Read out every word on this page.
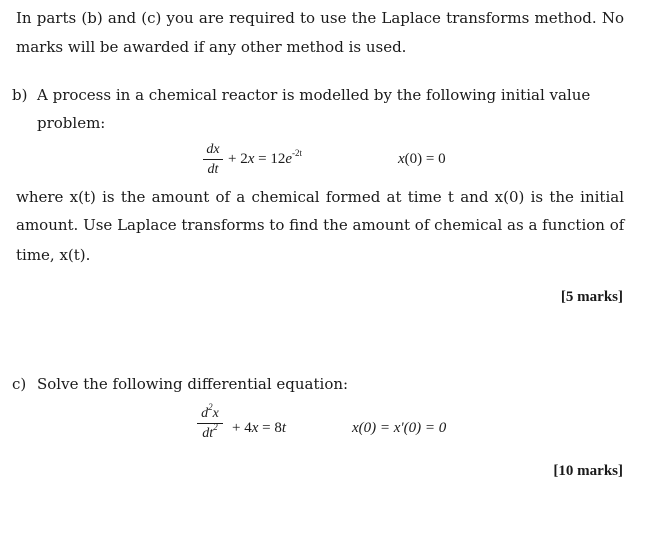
In parts (b) and (c) you are required to use the Laplace transforms method. No
marks will be awarded if any other method is used.
b) A process in a chemical reactor is modelled by the following initial value
problem:
dx
dt
+ $2x = 12e^{-2t}$	x(0) = 0
where x(t) is the amount of a chemical formed at time t and x(0) is the initial
amount. Use Laplace transforms to find the amount of chemical as a function of
time, x(t).
[5 marks]
c) Solve the following differential equation:
$d^2x$
$dt^2 + 4x = 8t$	x(0) = x'(0) = 0
[10 marks]
